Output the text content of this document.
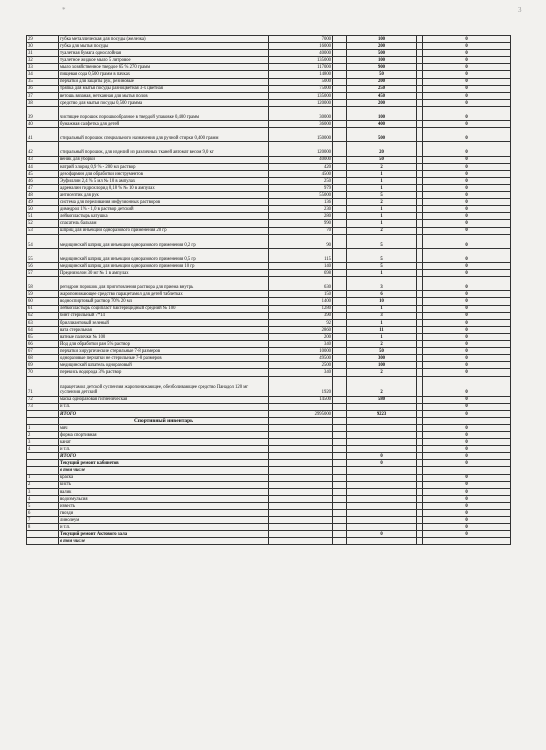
*	3
29	губка металлическая для посуды (железка)	7000		100		0
30	губка для мытья посуды	16000		200		0
31	туалетная бумага однослойная	40000		500		0
32	туалетное жидкое мыло 5 литровое	135000		100		0
33	мыло хозяйственное твердое 65 % 270 грамм	117000		900		0
34	пищевая сода 0,500 грамм в пачках	14800		50		0
35	перчатки для защиты рук, резиновые	5000		200		0
36	тряпка для мытья посуды разноцветная 3-х цветная	75000		250		0
37	ветошь вязаная, нетканная для мытья полов	135000		450		0
38	средство для мытья посуды 0,500 грамма	120000		200		0
39	чистящее порошок порошкообразное в твердой упаковке 0,400 грамм	30000		100		0
40	бумажная салфетка для детей	36000		400		0
41	стиральный порошок специального назначения для ручной стирки 0,400 грамм	150000		500		0
42	стиральный порошок, для изделий из различных тканей автомат весом 9,0 кг	120000		20		0
43	веник для уборки	40000		50		0
44	натрий хлорид 0,9 % - 200 мл раствор	420		2		0
45	дезофармин для обработки инструментов	4500		1		0
46	Эуфиллин 2,4 % 5 мл № 10 в ампулах	250		1		0
47	адреналин гидрохлорид 0,18 % № 10 в ампулах	979		1		0
48	антисептик для рук	55000		5		0
49	система для переливания инфузионных растворов	136		2		0
50	димедрол 1% - 1,0 в раствор детский	230		1		0
51	лейкопластырь катушка	280		1		0
52	спасатель бальзам	990		1		0
53	шприц для инъекции одноразового применения 20 гр	70		2		0
54	медицинский шприц для инъекции одноразового применения 0,2 гр	90		5		0
55	медицинский шприц для инъекции одноразового применения 0,5 гр	115		5		0
56	медицинский шприц для инъекции одноразового применения 10 гр	140		5		0
57	Преднизолон 30 мг № 1 в ампулах	698		1		0
58	регидрон порошок для приготовления раствора для приема внутрь	630		3		0
59	жаропонижающее средство парацетамол для детей таблетках	150		6		0
60	водноспиртовый раствор 70% 20 мл	1400		10		0
61	лейкопластырь соципласт бактерицидный средний № 100	1280		1		0
62	бинт стерильный 7*14	390		3		0
63	бриллиантовый зеленый	92		1		0
64	вата стерильная	2860		11		0
65	ватные палочки № 100	200		1		0
66	Йод для обработки ран 5% раствор	340		2		0
67	перчатки хирургические стерильные 7-8 размеров	10000		50		0
68	одноразовые перчатки не стерильные 7-8 размеров	49500		300		0
69	медицинский шпатель одноразовый	2500		100		0
70	перекись водорода 3% раствор	340		2		0
71	парацетамол детской суспензия жаропонижающее, обезболивающее средство Панадол 120 мг суспензия детский	1920		2		0
72	маска одноразовая гигиеническая	14500		580		0
73	и т.п.					0
	ИТОГО	2995000		9223		0
	Спортивный инвентарь					
1	мяч					0
2	форма спортивная					0
3	канат					0
4	и т.п.					0
	ИТОГО			0		0
	Текущий ремонт кабинетов			0		0
	в том числе					
1	краска					0
2	кисть					0
3	валик					0
4	водоэмульсия					0
5	известь					0
6	гвозди					0
7	линолеум					0
8	и т.п.					0
	Текущий ремонт Актового зала			0		0
	в том числе					
